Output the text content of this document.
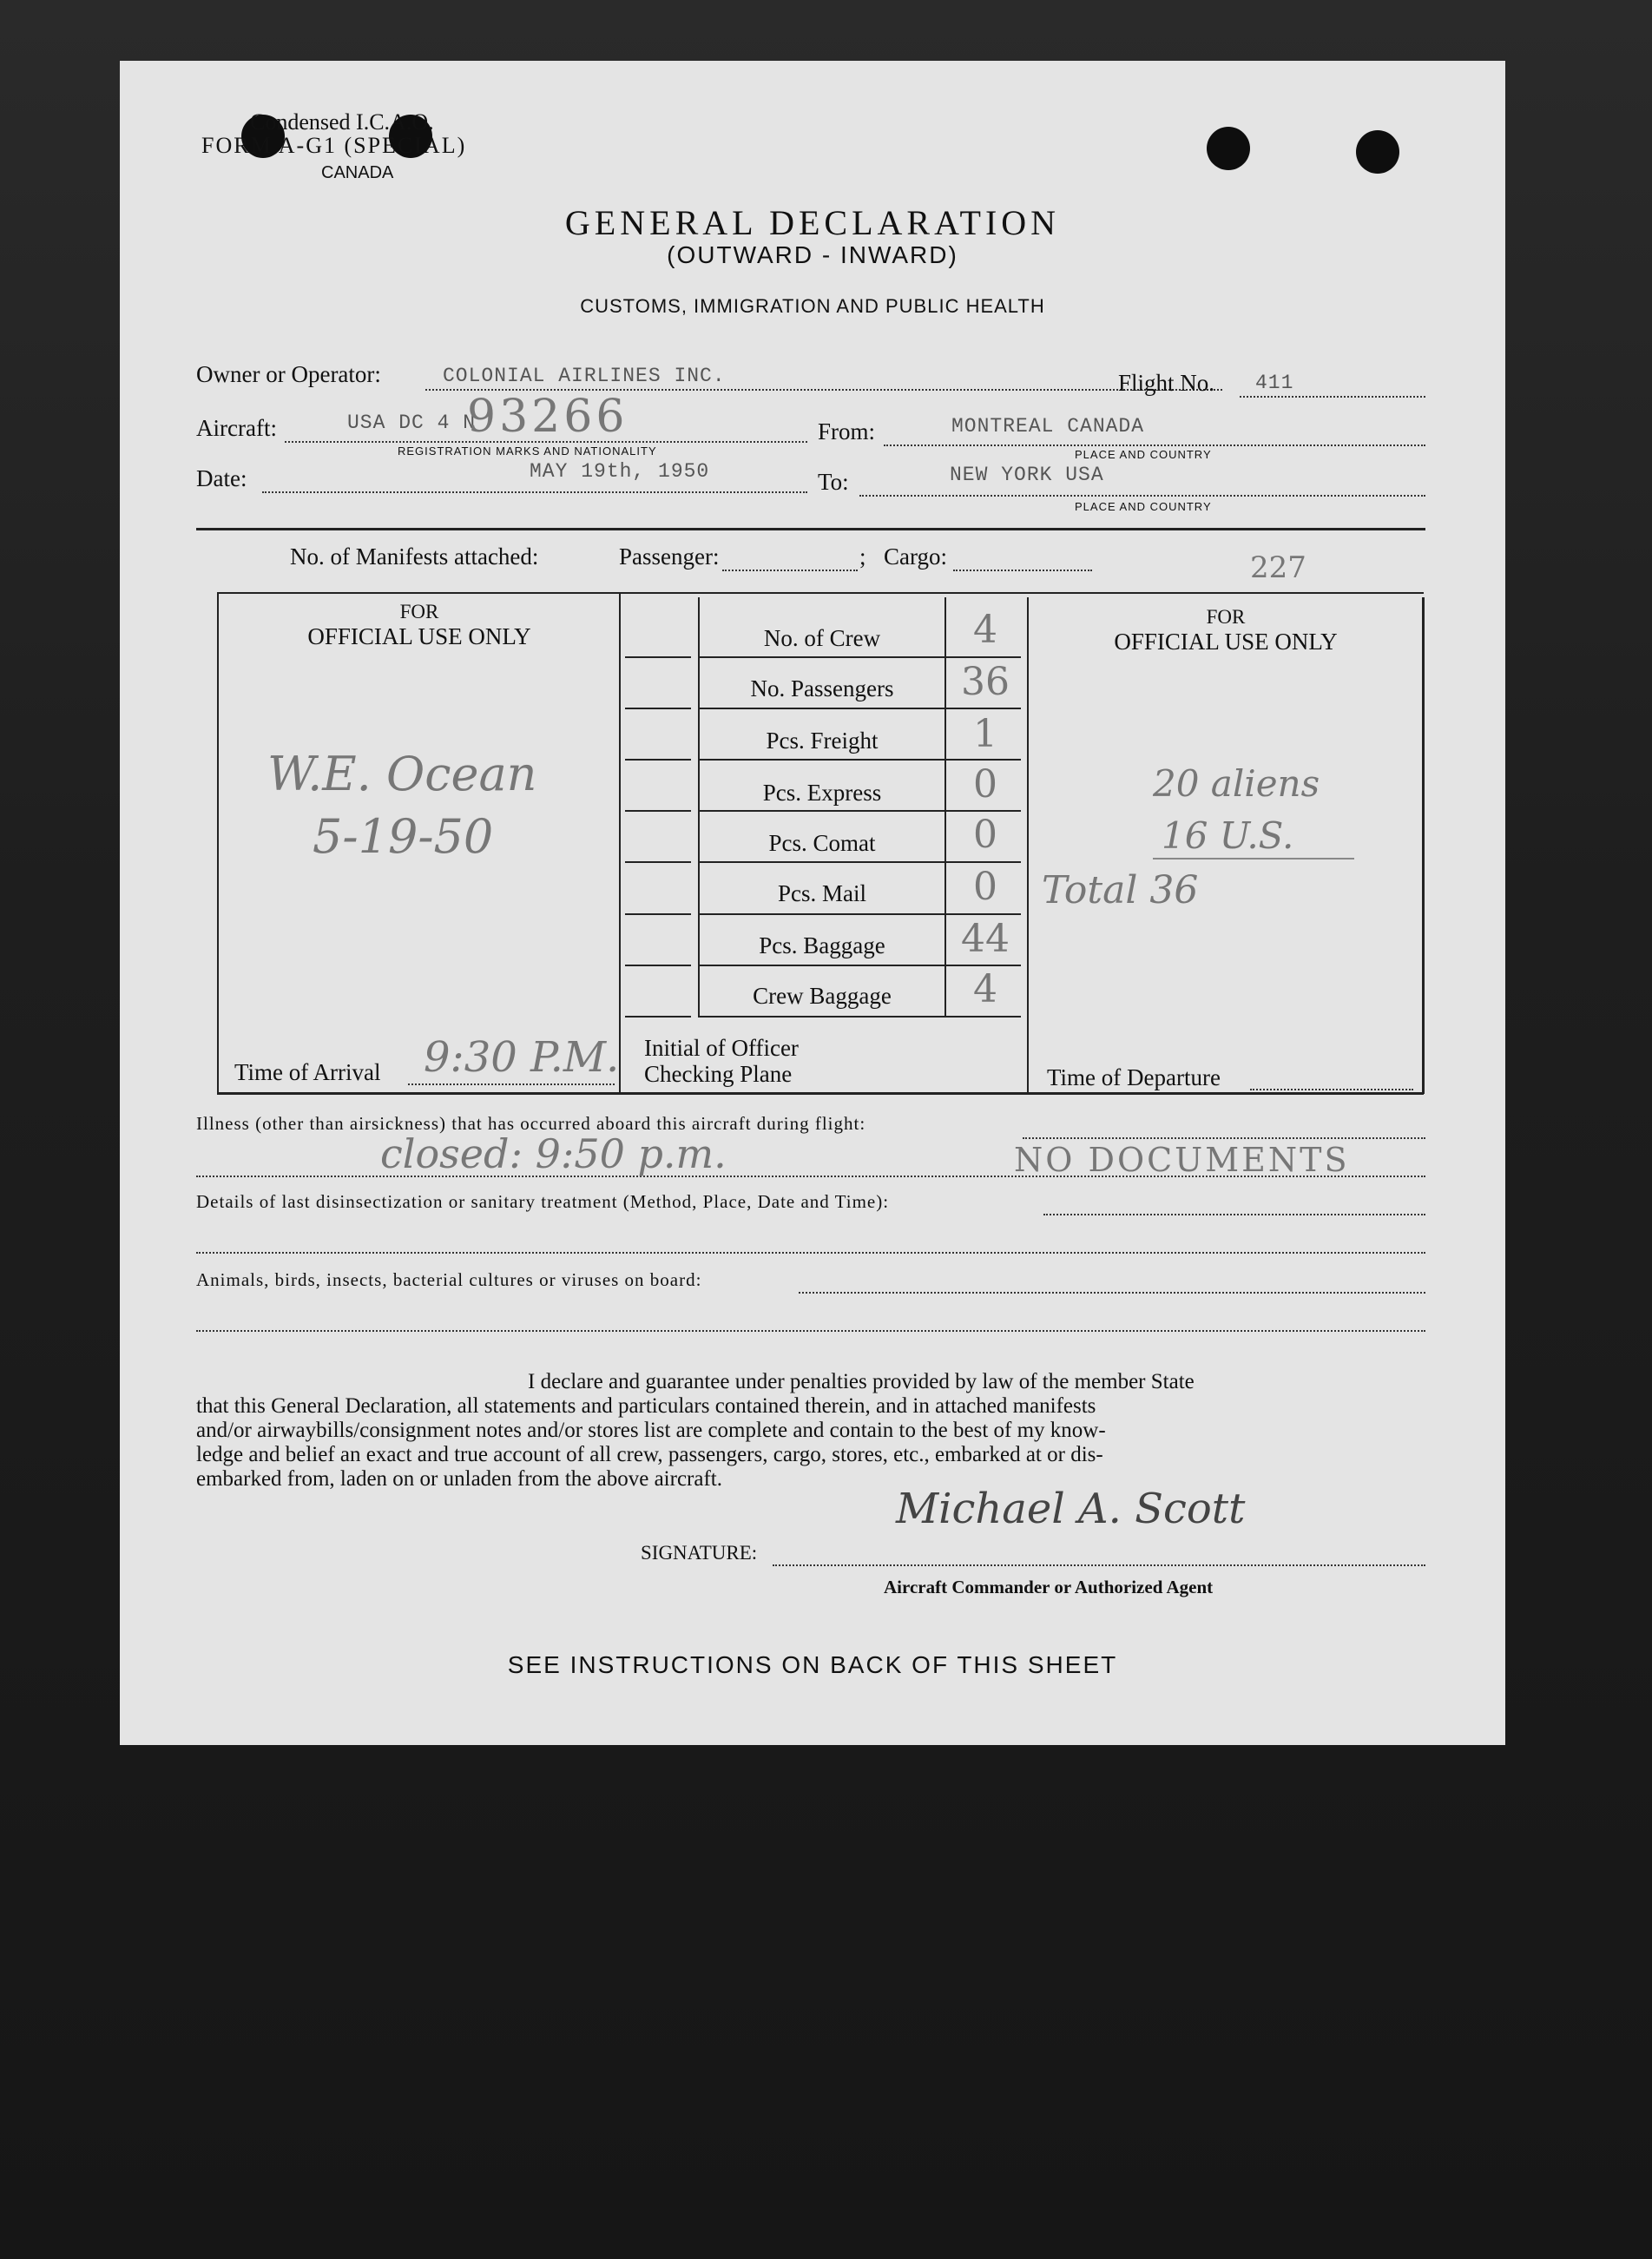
Condensed I.C.A.O.
FORM A-G1 (SPECIAL)
CANADA
GENERAL DECLARATION
(OUTWARD - INWARD)
CUSTOMS, IMMIGRATION AND PUBLIC HEALTH
Owner or Operator:	COLONIAL AIRLINES INC.	Flight No. 411
Aircraft:	USA DC 4 N
93266
REGISTRATION MARKS AND NATIONALITY
From:	MONTREAL CANADA
PLACE AND COUNTRY
Date:	MAY 19th, 1950	To:	NEW YORK USA
PLACE AND COUNTRY
No. of Manifests attached:	Passenger:	; Cargo:	227
FOR
OFFICIAL USE ONLY
FOR
OFFICIAL USE ONLY
No. of Crew	4
No. Passengers	36
Pcs. Freight	1
Pcs. Express	0
Pcs. Comat	0
Pcs. Mail	0
Pcs. Baggage	44
Crew Baggage	4
W.E. Ocean
5-19-50
Time of Arrival 9:30 P.M. Initial of Officer
Checking Plane
20 aliens
16 U.S.
Total 36
Time of Departure
Illness (other than airsickness) that has occurred aboard this aircraft during flight:
closed: 9:50 p.m.	NO DOCUMENTS
Details of last disinsectization or sanitary treatment (Method, Place, Date and Time):
Animals, birds, insects, bacterial cultures or viruses on board:
I declare and guarantee under penalties provided by law of the member State
that this General Declaration, all statements and particulars contained therein, and in attached manifests
and/or airwaybills/consignment notes and/or stores list are complete and contain to the best of my know-
ledge and belief an exact and true account of all crew, passengers, cargo, stores, etc., embarked at or dis-
embarked from, laden on or unladen from the above aircraft.
Michael A. Scott
SIGNATURE:
Aircraft Commander or Authorized Agent
SEE INSTRUCTIONS ON BACK OF THIS SHEET
